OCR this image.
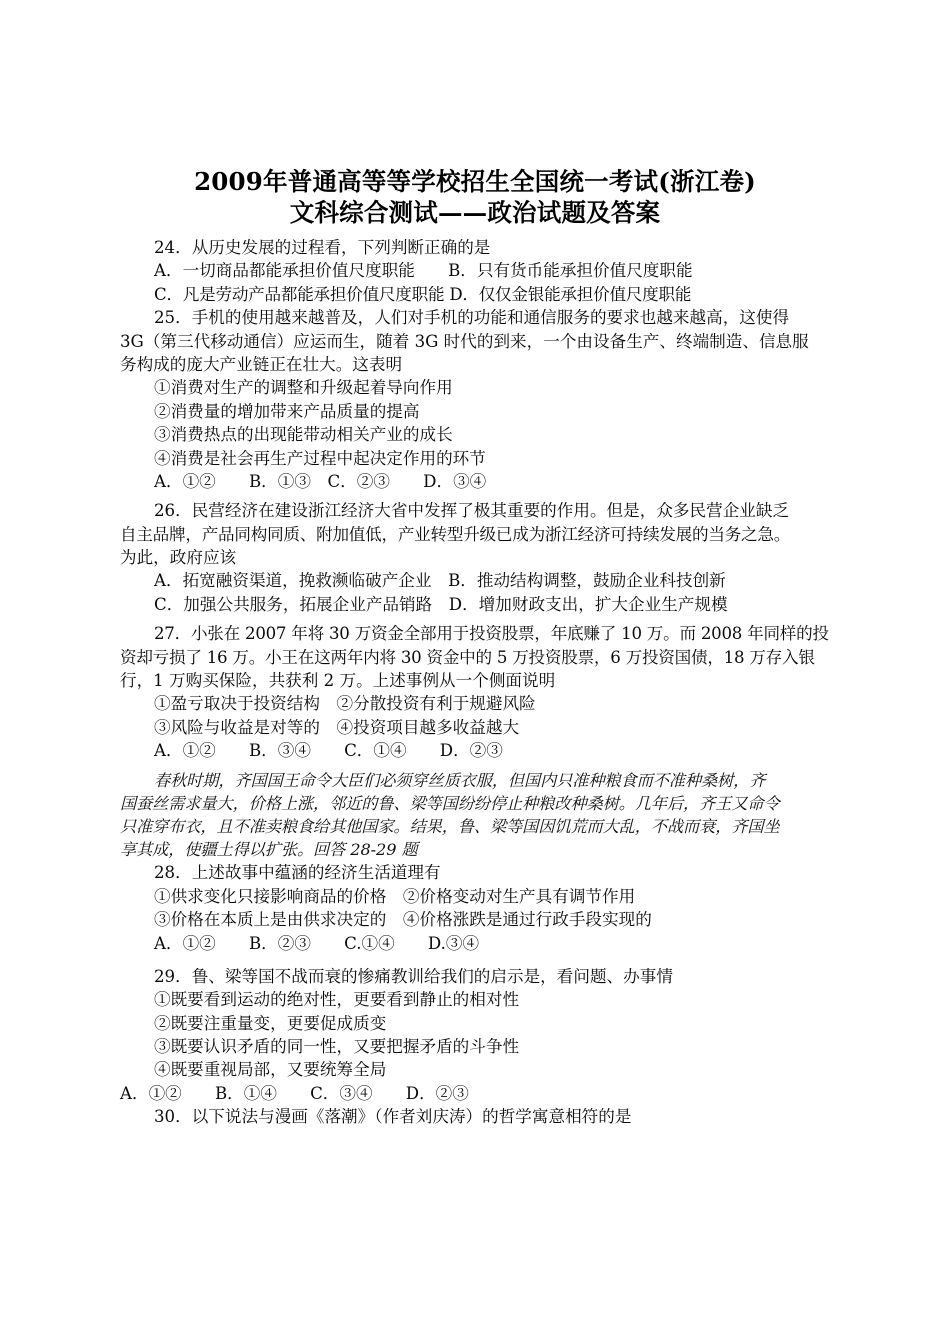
2009年普通高等等学校招生全国统一考试(浙江卷)
文科综合测试——政治试题及答案
24．从历史发展的过程看，下列判断正确的是
A．一切商品都能承担价值尺度职能　　B．只有货币能承担价值尺度职能
C．凡是劳动产品都能承担价值尺度职能 D．仅仅金银能承担价值尺度职能
25．手机的使用越来越普及，人们对手机的功能和通信服务的要求也越来越高，这使得
3G（第三代移动通信）应运而生，随着 3G 时代的到来，一个由设备生产、终端制造、信息服
务构成的庞大产业链正在壮大。这表明
①消费对生产的调整和升级起着导向作用
②消费量的增加带来产品质量的提高
③消费热点的出现能带动相关产业的成长
④消费是社会再生产过程中起决定作用的环节
A．①②　　B．①③　C．②③　　D．③④
26．民营经济在建设浙江经济大省中发挥了极其重要的作用。但是，众多民营企业缺乏
自主品牌，产品同构同质、附加值低，产业转型升级已成为浙江经济可持续发展的当务之急。
为此，政府应该
A．拓宽融资渠道，挽救濒临破产企业　B．推动结构调整，鼓励企业科技创新
C．加强公共服务，拓展企业产品销路　D．增加财政支出，扩大企业生产规模
27．小张在 2007 年将 30 万资金全部用于投资股票，年底赚了 10 万。而 2008 年同样的投
资却亏损了 16 万。小王在这两年内将 30 资金中的 5 万投资股票，6 万投资国债，18 万存入银
行，1 万购买保险，共获利 2 万。上述事例从一个侧面说明
①盈亏取决于投资结构　②分散投资有利于规避风险
③风险与收益是对等的　④投资项目越多收益越大
A．①②　　B．③④　　C．①④　　D．②③
春秋时期，齐国国王命令大臣们必须穿丝质衣服，但国内只准种粮食而不准种桑树，齐
国蚕丝需求量大，价格上涨，邻近的鲁、梁等国纷纷停止种粮改种桑树。几年后，齐王又命令
只准穿布衣，且不准卖粮食给其他国家。结果，鲁、梁等国因饥荒而大乱，不战而衰，齐国坐
享其成，使疆土得以扩张。回答 28-29 题
28．上述故事中蕴涵的经济生活道理有
①供求变化只接影响商品的价格　②价格变动对生产具有调节作用
③价格在本质上是由供求决定的　④价格涨跌是通过行政手段实现的
A．①②　　B．②③　　C.①④　　D.③④
29．鲁、梁等国不战而衰的惨痛教训给我们的启示是，看问题、办事情
①既要看到运动的绝对性，更要看到静止的相对性
②既要注重量变，更要促成质变
③既要认识矛盾的同一性，又要把握矛盾的斗争性
④既要重视局部，又要统筹全局
A．①②　　B．①④　　C．③④　　D．②③
30．以下说法与漫画《落潮》（作者刘庆涛）的哲学寓意相符的是
